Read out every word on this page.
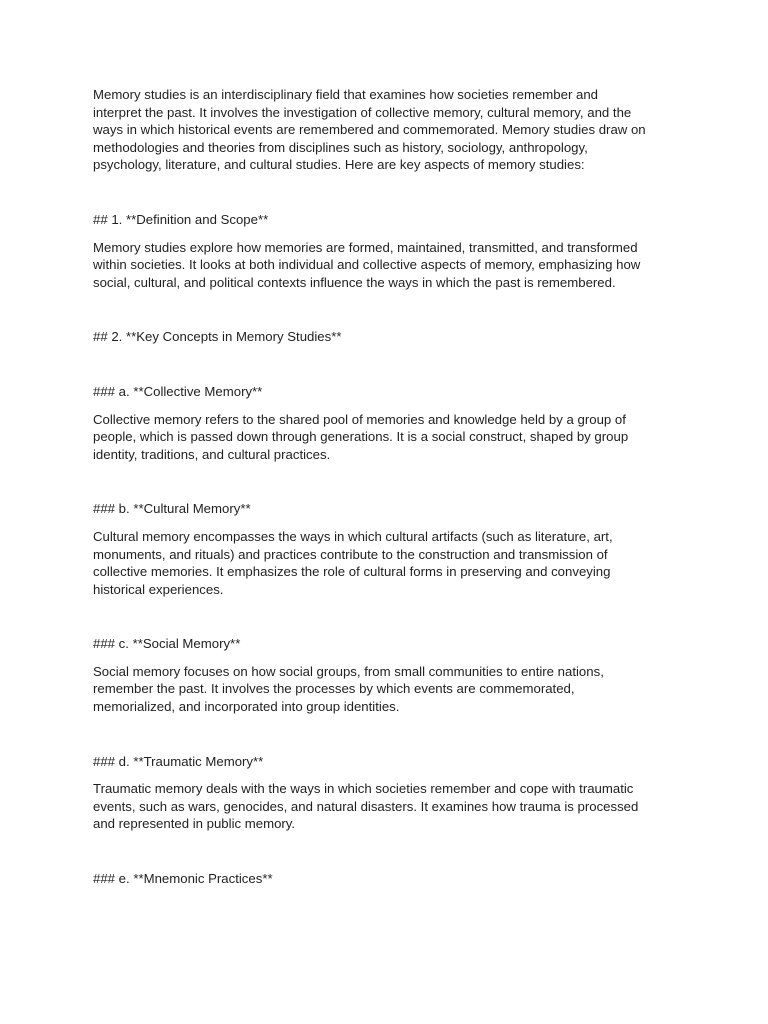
Memory studies is an interdisciplinary field that examines how societies remember and
interpret the past. It involves the investigation of collective memory, cultural memory, and the
ways in which historical events are remembered and commemorated. Memory studies draw on
methodologies and theories from disciplines such as history, sociology, anthropology,
psychology, literature, and cultural studies. Here are key aspects of memory studies:

## 1. **Definition and Scope**

Memory studies explore how memories are formed, maintained, transmitted, and transformed
within societies. It looks at both individual and collective aspects of memory, emphasizing how
social, cultural, and political contexts influence the ways in which the past is remembered.

## 2. **Key Concepts in Memory Studies**

### a. **Collective Memory**

Collective memory refers to the shared pool of memories and knowledge held by a group of
people, which is passed down through generations. It is a social construct, shaped by group
identity, traditions, and cultural practices.

### b. **Cultural Memory**

Cultural memory encompasses the ways in which cultural artifacts (such as literature, art,
monuments, and rituals) and practices contribute to the construction and transmission of
collective memories. It emphasizes the role of cultural forms in preserving and conveying
historical experiences.

### c. **Social Memory**

Social memory focuses on how social groups, from small communities to entire nations,
remember the past. It involves the processes by which events are commemorated,
memorialized, and incorporated into group identities.

### d. **Traumatic Memory**

Traumatic memory deals with the ways in which societies remember and cope with traumatic
events, such as wars, genocides, and natural disasters. It examines how trauma is processed
and represented in public memory.

### e. **Mnemonic Practices**
